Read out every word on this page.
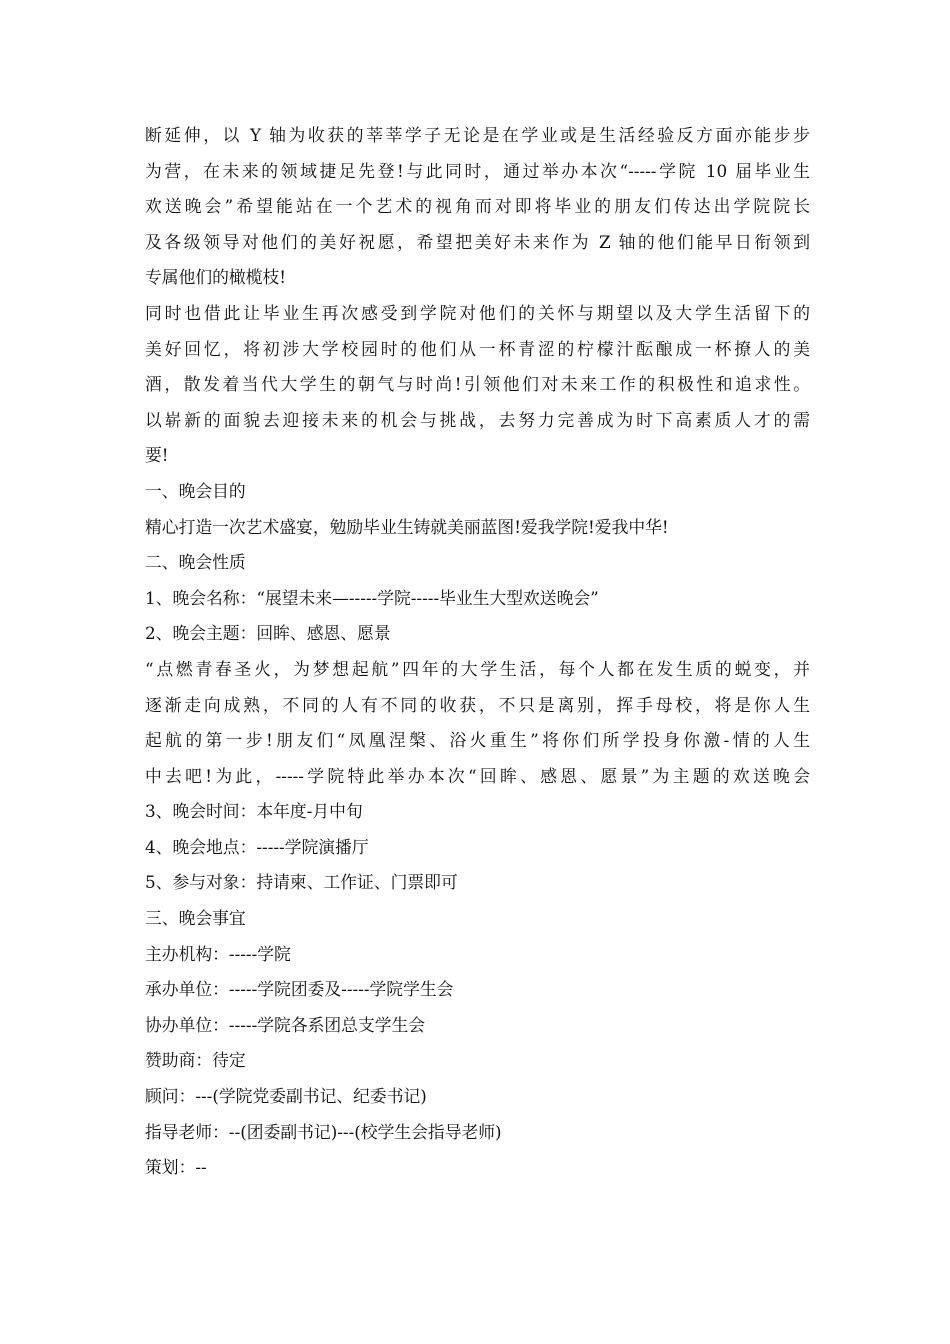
断延伸，以 Y 轴为收获的莘莘学子无论是在学业或是生活经验反方面亦能步步
为营，在未来的领域捷足先登!与此同时，通过举办本次“-----学院 10 届毕业生
欢送晚会”希望能站在一个艺术的视角而对即将毕业的朋友们传达出学院院长
及各级领导对他们的美好祝愿，希望把美好未来作为 Z 轴的他们能早日衔领到
专属他们的橄榄枝!
同时也借此让毕业生再次感受到学院对他们的关怀与期望以及大学生活留下的
美好回忆，将初涉大学校园时的他们从一杯青涩的柠檬汁酝酿成一杯撩人的美
酒，散发着当代大学生的朝气与时尚!引领他们对未来工作的积极性和追求性。
以崭新的面貌去迎接未来的机会与挑战，去努力完善成为时下高素质人才的需
要!
一、晚会目的
精心打造一次艺术盛宴，勉励毕业生铸就美丽蓝图!爱我学院!爱我中华!
二、晚会性质
1、晚会名称：“展望未来—-----学院-----毕业生大型欢送晚会”
2、晚会主题：回眸、感恩、愿景
“点燃青春圣火，为梦想起航”四年的大学生活，每个人都在发生质的蜕变，并
逐渐走向成熟，不同的人有不同的收获，不只是离别，挥手母校，将是你人生
起航的第一步!朋友们“凤凰涅槃、浴火重生”将你们所学投身你激-情的人生
中去吧!为此，-----学院特此举办本次“回眸、感恩、愿景”为主题的欢送晚会
3、晚会时间：本年度-月中旬
4、晚会地点：-----学院演播厅
5、参与对象：持请柬、工作证、门票即可
三、晚会事宜
主办机构：-----学院
承办单位：-----学院团委及-----学院学生会
协办单位：-----学院各系团总支学生会
赞助商：待定
顾问：---(学院党委副书记、纪委书记)
指导老师：--(团委副书记)---(校学生会指导老师)
策划：--
